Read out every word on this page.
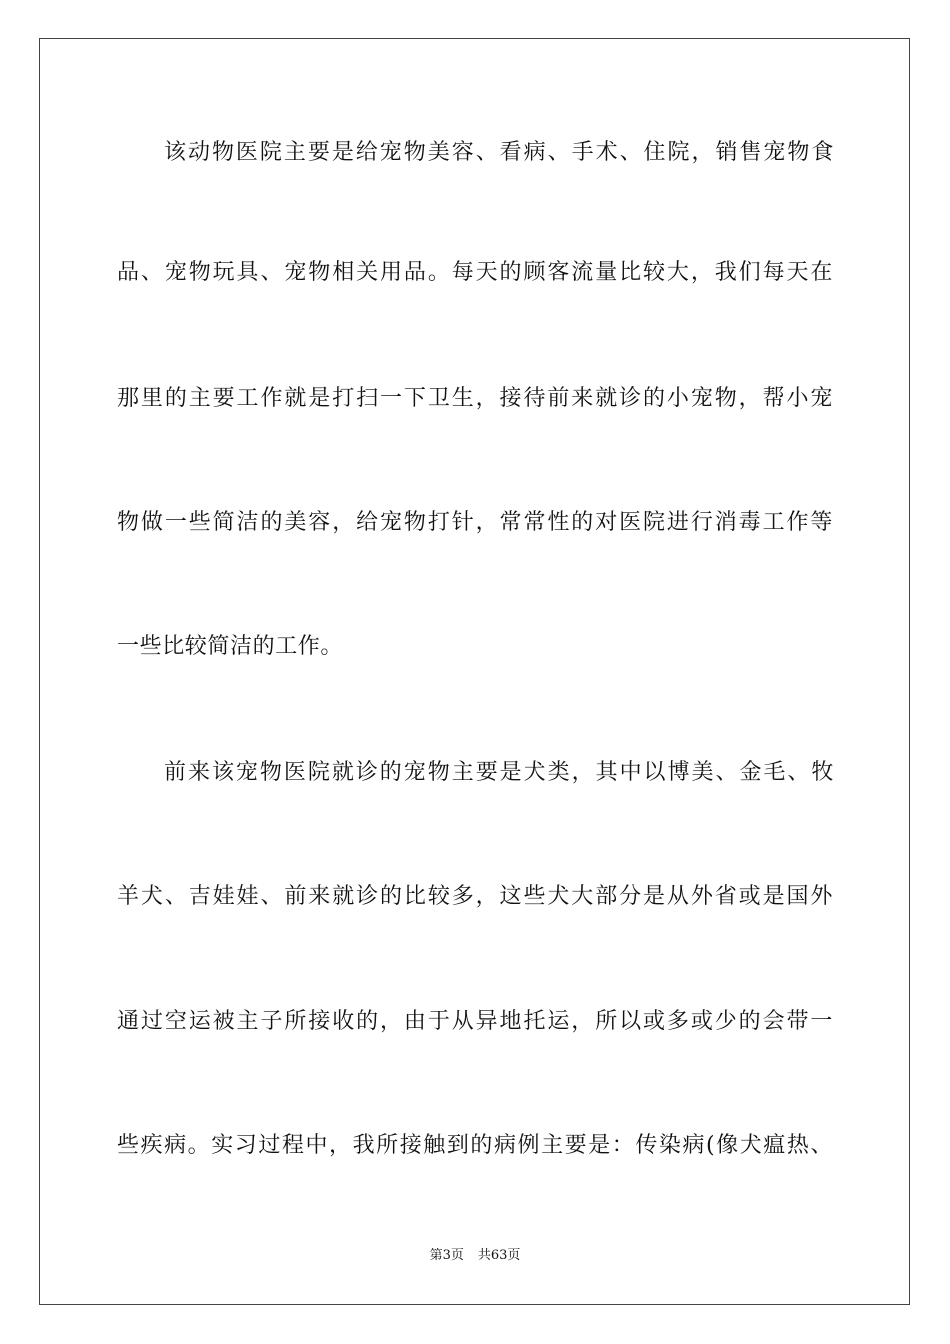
该动物医院主要是给宠物美容、看病、手术、住院，销售宠物食
品、宠物玩具、宠物相关用品。每天的顾客流量比较大，我们每天在
那里的主要工作就是打扫一下卫生，接待前来就诊的小宠物，帮小宠
物做一些简洁的美容，给宠物打针，常常性的对医院进行消毒工作等
一些比较简洁的工作。
前来该宠物医院就诊的宠物主要是犬类，其中以博美、金毛、牧
羊犬、吉娃娃、前来就诊的比较多，这些犬大部分是从外省或是国外
通过空运被主子所接收的，由于从异地托运，所以或多或少的会带一
些疾病。实习过程中，我所接触到的病例主要是：传染病(像犬瘟热、
第3页 共63页
